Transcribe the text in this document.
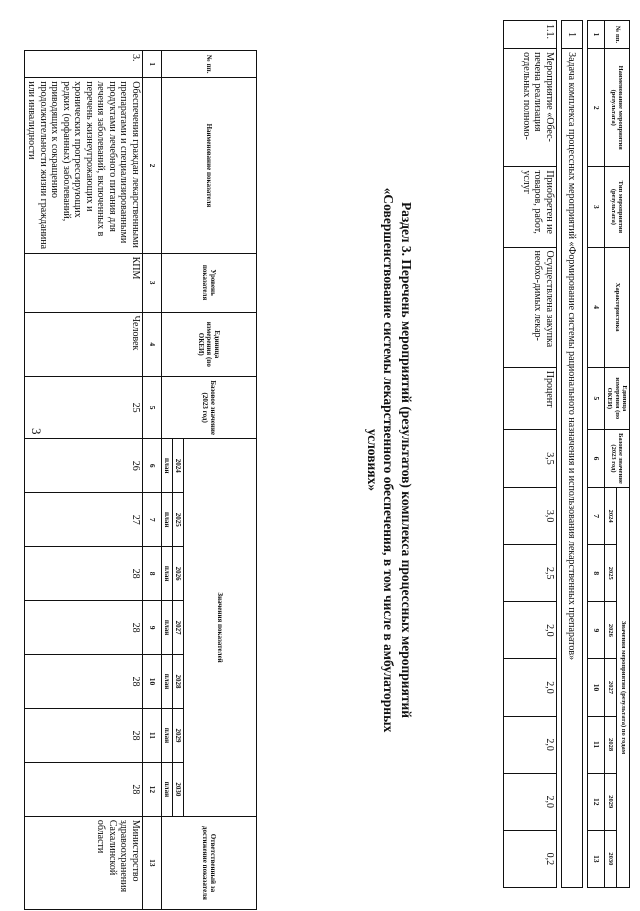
3	Раздел 3. Перечень мероприятий (результатов) комплекса процессных мероприятий
«Совершенствование системы лекарственного обеспечения, в том числе в амбулаторных условиях»
№ пп.	Наименование мероприятия (результата)	Тип мероприятия (результата)	Характеристика	Единица измерения (по ОКЕИ)	Базовое значение (2023 год)	Значения мероприятия (результата) по годам						
						2024	2025	2026	2027	2028	2029	2030
1	2	3	4	5	6	7	8	9	10	11	12	13

1	Задача комплекса процессных мероприятий «Формирование системы рационального назначения и использования лекарственных препаратов»											

1.1.	Мероприятие «Обес-печена реализация отдельных полномо-	Приобретен ие товаров, работ, услуг	Осуществлена закупка необхо-димых лекар-	Процент	3,5	3,0	2,5	2,0	2,0	2,0	2,0	0,2
№ пп.	Наименование показателя	Уровень показателя	Единица измерения (по ОКЕИ)	Базовое значение (2023 год)	Значения показателей							Ответственный за достижение показателя
					2024	2025	2026	2027	2028	2029	2030	
					план	план	план	план	план	план	план	
1	2	3	4	5	6	7	8	9	10	11	12	13
3.	Обеспечения граждан лекарственными препаратами и специализированными продуктами лечебного питания для лечения заболеваний, включенных в перечень жизнеугрожающих и хронических прогрессирующих редких (орфанных) заболеваний, приводящих к сокращению продолжительности жизни гражданина или инвалидности	КПМ	Человек	25	26	27	28	28	28	28	28	Министерство здравоохранения Сахалинской области
